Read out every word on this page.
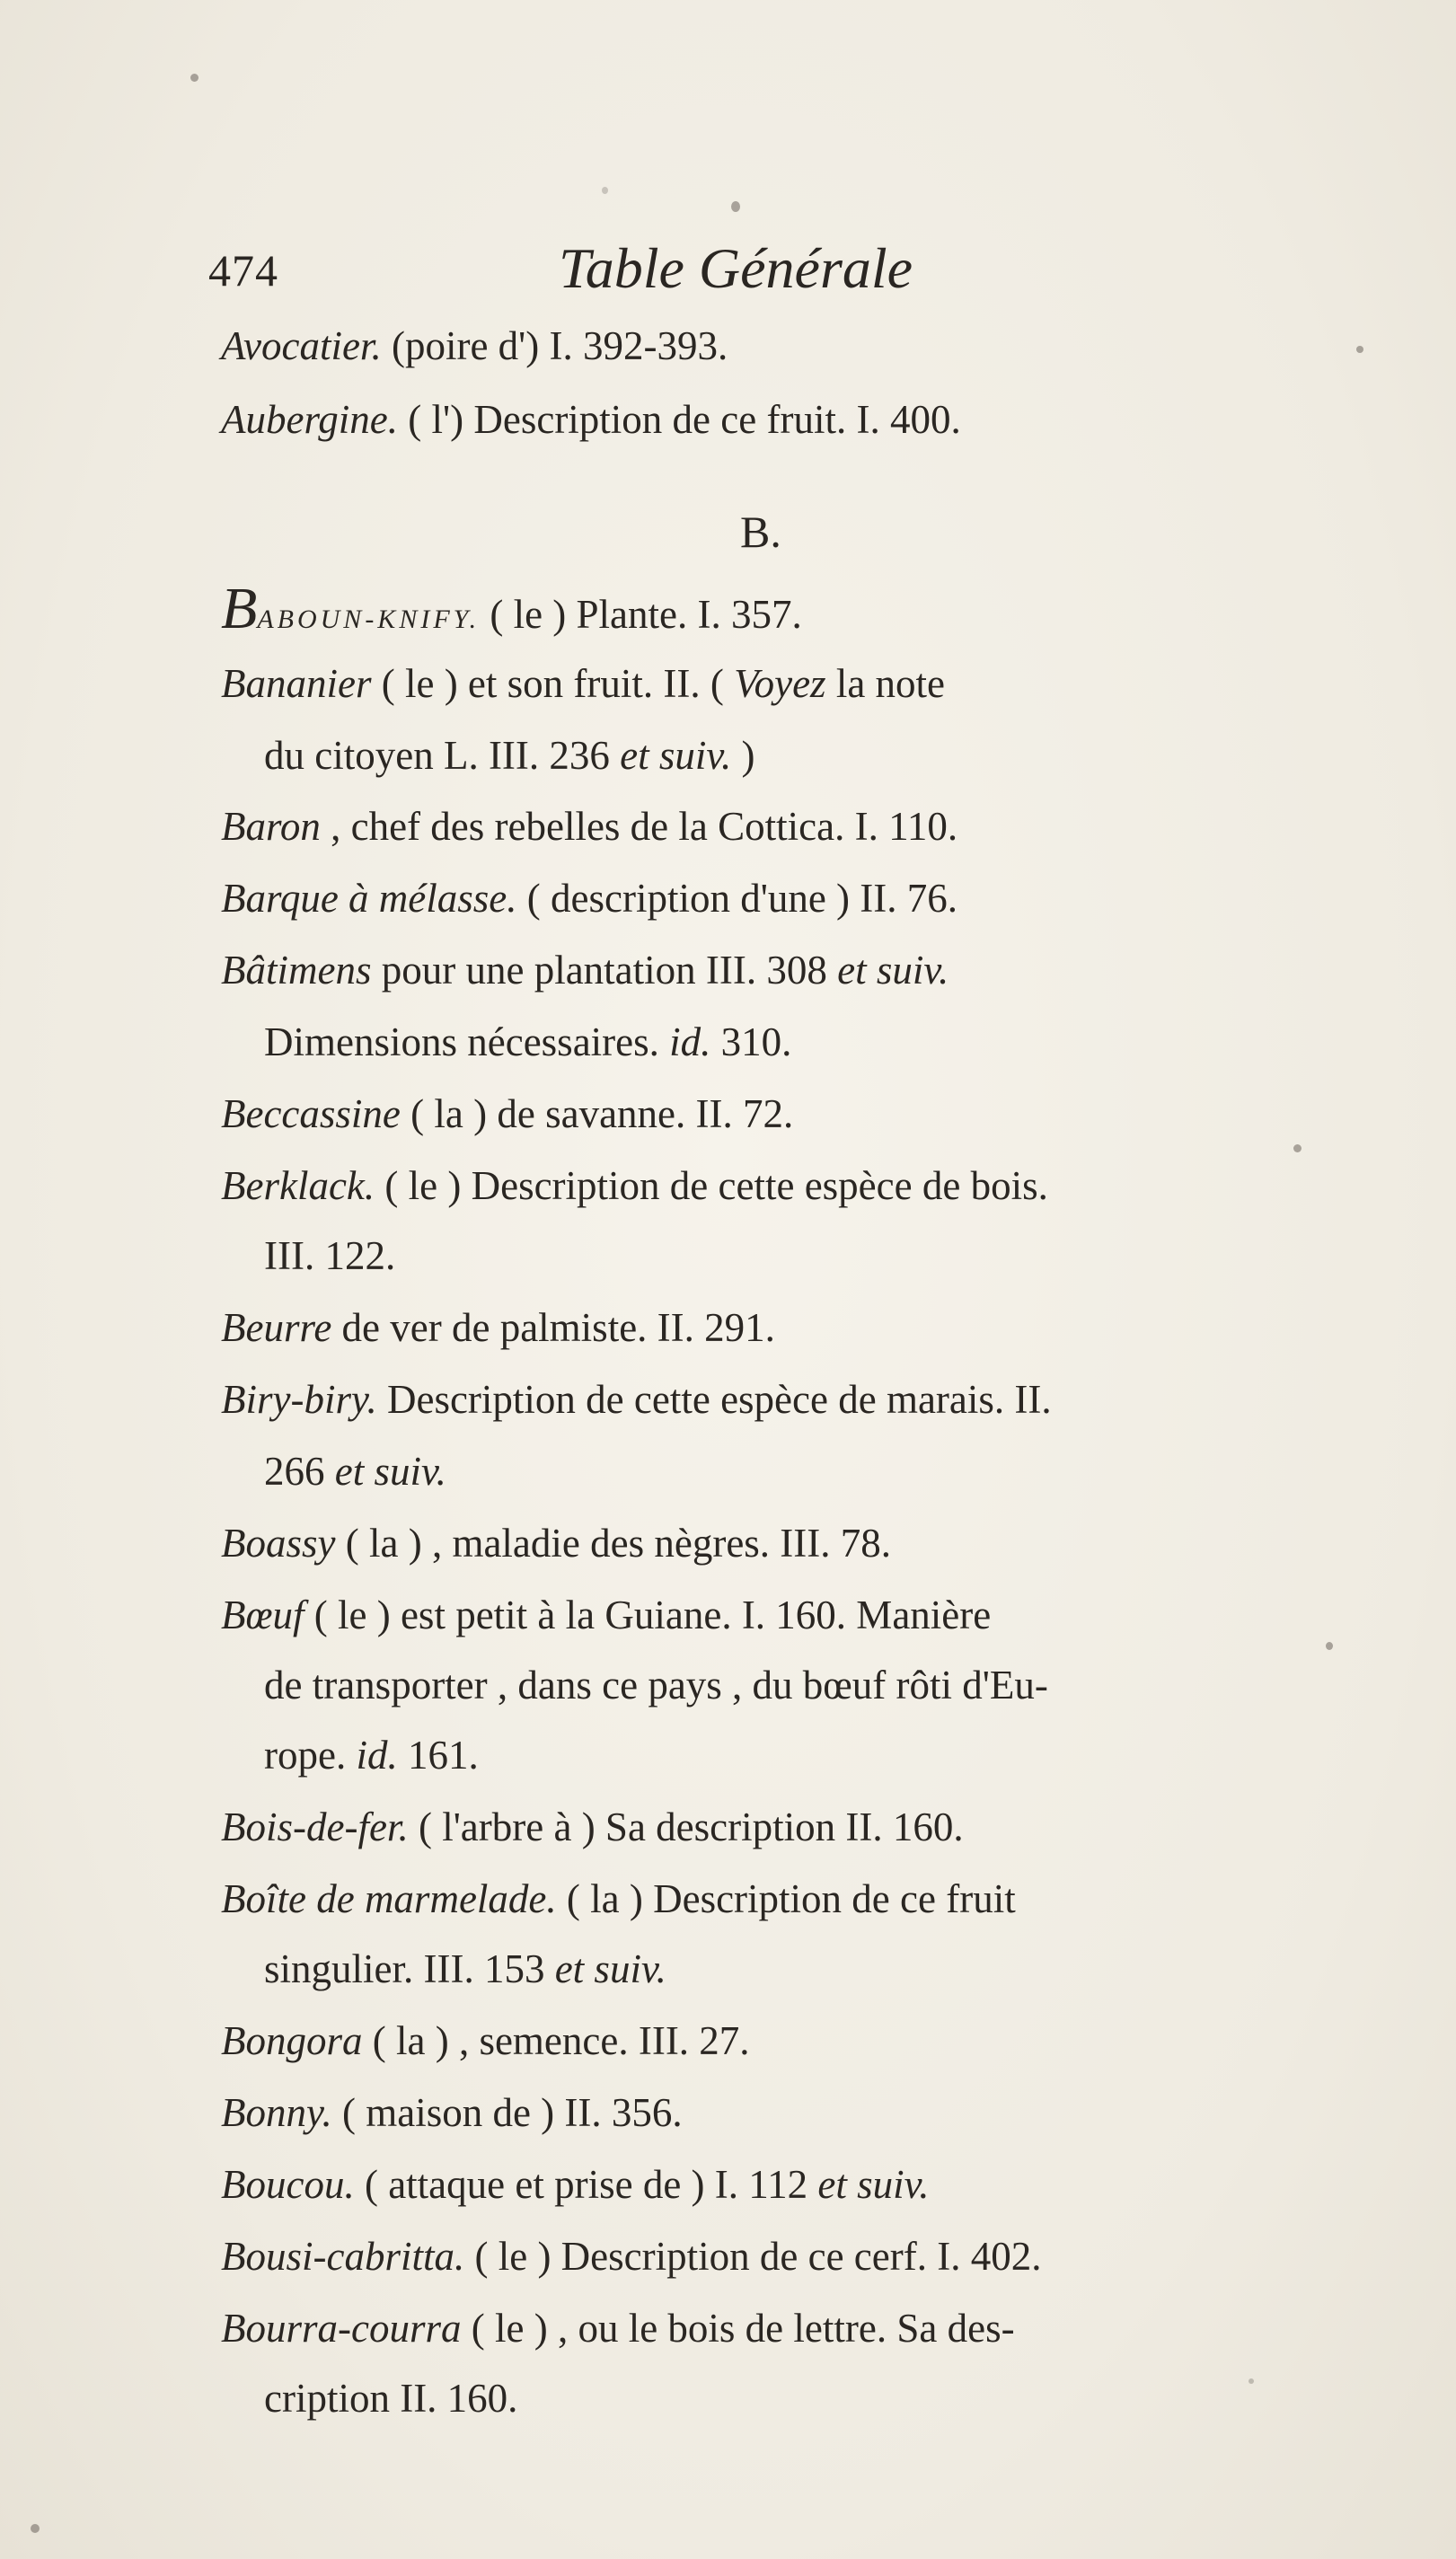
474	Table Générale
Avocatier. (poire d') I. 392-393.
Aubergine. ( l') Description de ce fruit. I. 400.
B.
BABOUN-KNIFY. ( le ) Plante. I. 357.
Bananier ( le ) et son fruit. II. ( Voyez la note
du citoyen L. III. 236 et suiv. )
Baron , chef des rebelles de la Cottica. I. 110.
Barque à mélasse. ( description d'une ) II. 76.
Bâtimens pour une plantation III. 308 et suiv.
Dimensions nécessaires. id. 310.
Beccassine ( la ) de savanne. II. 72.
Berklack. ( le ) Description de cette espèce de bois.
III. 122.
Beurre de ver de palmiste. II. 291.
Biry-biry. Description de cette espèce de marais. II.
266 et suiv.
Boassy ( la ) , maladie des nègres. III. 78.
Bœuf ( le ) est petit à la Guiane. I. 160. Manière
de transporter , dans ce pays , du bœuf rôti d'Eu-
rope. id. 161.
Bois-de-fer. ( l'arbre à ) Sa description II. 160.
Boîte de marmelade. ( la ) Description de ce fruit
singulier. III. 153 et suiv.
Bongora ( la ) , semence. III. 27.
Bonny. ( maison de ) II. 356.
Boucou. ( attaque et prise de ) I. 112 et suiv.
Bousi-cabritta. ( le ) Description de ce cerf. I. 402.
Bourra-courra ( le ) , ou le bois de lettre. Sa des-
cription II. 160.
